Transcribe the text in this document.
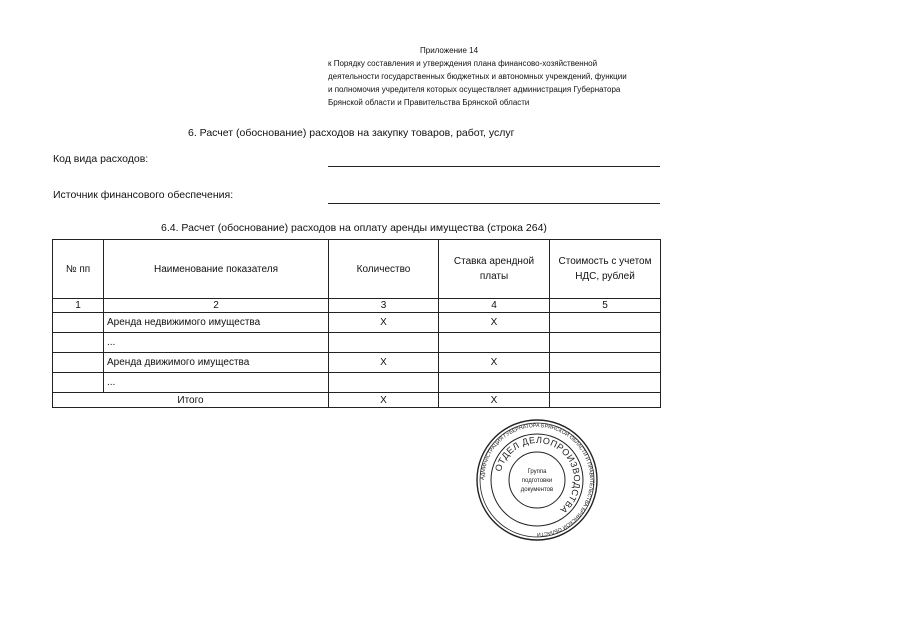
Приложение 14
к Порядку составления и утверждения плана финансово-хозяйственной
деятельности государственных бюджетных и автономных учреждений, функции
и полномочия учредителя которых осуществляет администрация Губернатора
Брянской области и Правительства Брянской области
6. Расчет (обоснование) расходов на закупку товаров, работ, услуг
Код вида расходов:
Источник финансового обеспечения:
6.4. Расчет (обоснование) расходов на оплату аренды имущества (строка 264)
№ пп	Наименование показателя	Количество	Ставка арендной платы	Стоимость с учетом НДС, рублей
1	2	3	4	5
	Аренда недвижимого имущества	X	X	
	...			
	Аренда движимого имущества	X	X	
	...			
Итого		X	X	
АДМИНИСТРАЦИЯ ГУБЕРНАТОРА БРЯНСКОЙ ОБЛАСТИ И ПРАВИТЕЛЬСТВА БРЯНСКОЙ ОБЛАСТИ
ОТДЕЛ ДЕЛОПРОИЗВОДСТВА
Группа
подготовки
документов
